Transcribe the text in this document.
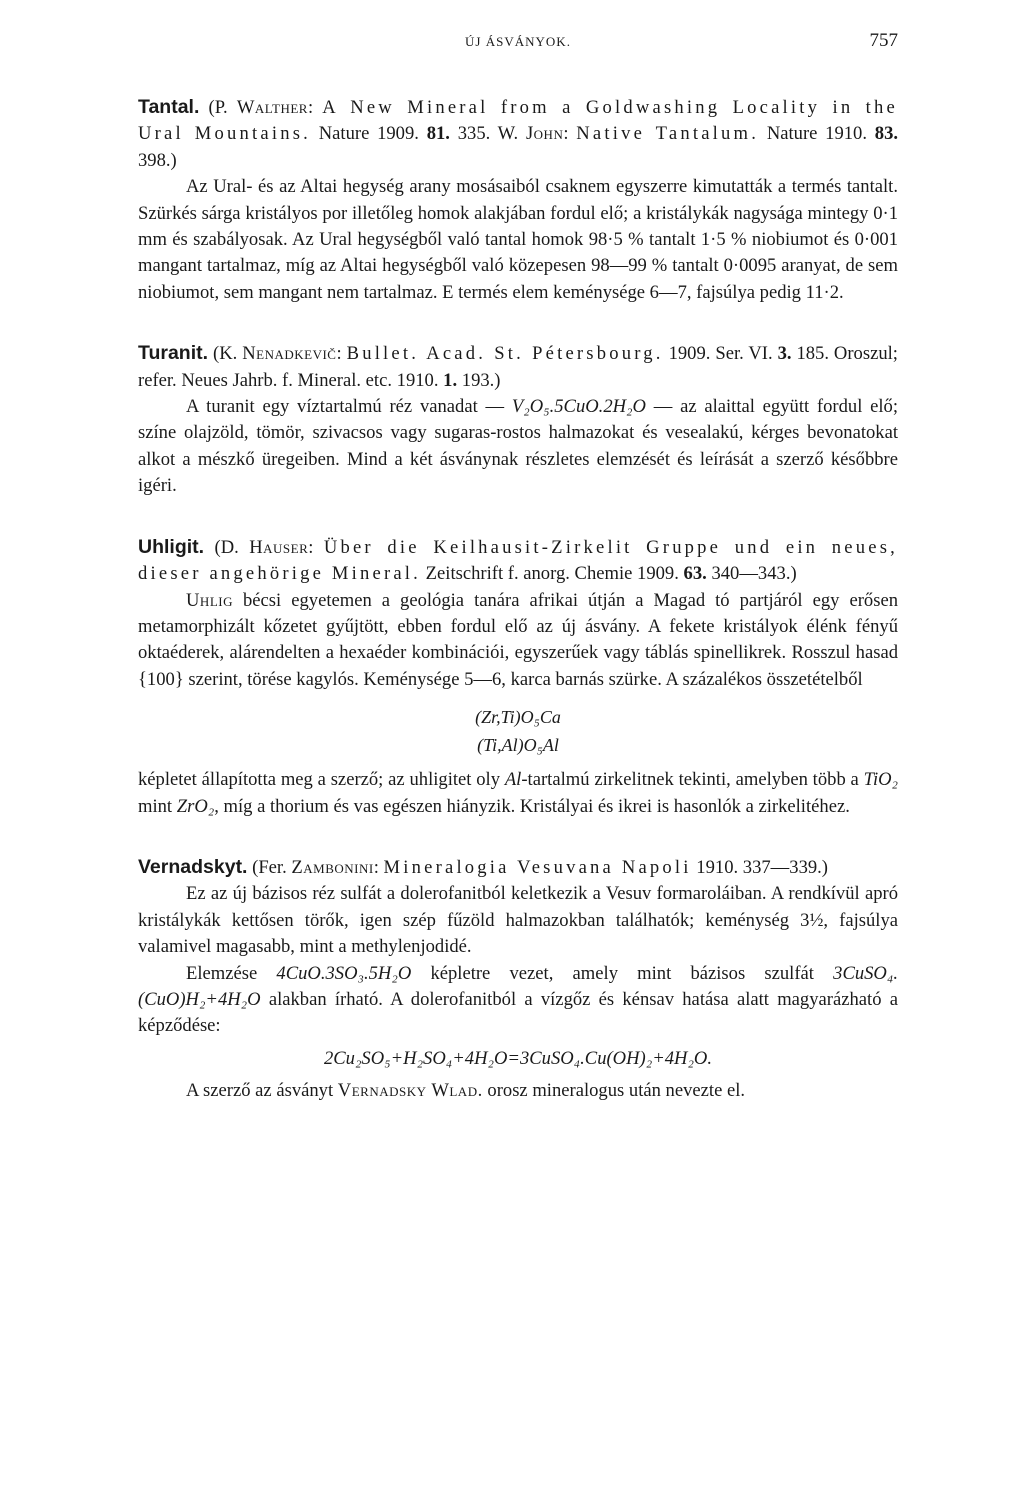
ÚJ ÁSVÁNYOK.	757

Tantal. (P. Walther: A New Mineral from a Goldwashing Locality in the Ural Mountains. Nature 1909. 81. 335. W. John: Native Tantalum. Nature 1910. 83. 398.)

Az Ural- és az Altai hegység arany mosásaiból csaknem egyszerre kimutatták a termés tantalt. Szürkés sárga kristályos por illetőleg homok alakjában fordul elő; a kristálykák nagysága mintegy 0·1 mm és szabályosak. Az Ural hegységből való tantal homok 98·5 % tantalt 1·5 % niobiumot és 0·001 mangant tartalmaz, míg az Altai hegységből való közepesen 98—99 % tantalt 0·0095 aranyat, de sem niobiumot, sem mangant nem tartalmaz. E termés elem keménysége 6—7, fajsúlya pedig 11·2.

Turanit. (K. Nenadkevič: Bullet. Acad. St. Pétersbourg. 1909. Ser. VI. 3. 185. Oroszul; refer. Neues Jahrb. f. Mineral. etc. 1910. 1. 193.)

A turanit egy víztartalmú réz vanadat — V₂O₅.5CuO.2H₂O — az alaittal együtt fordul elő; színe olajzöld, tömör, szivacsos vagy sugaras-rostos halmazokat és vesealakú, kérges bevonatokat alkot a mészkő üregeiben. Mind a két ásványnak részletes elemzését és leírását a szerző későbbre igéri.

Uhligit. (D. Hauser: Über die Keilhausit-Zirkelit Gruppe und ein neues, dieser angehörige Mineral. Zeitschrift f. anorg. Chemie 1909. 63. 340—343.)

Uhlig bécsi egyetemen a geológia tanára afrikai útján a Magad tó partjáról egy erősen metamorphizált kőzetet gyűjtött, ebben fordul elő az új ásvány. A fekete kristályok élénk fényű oktaéderek, alárendelten a hexaéder kombinációi, egyszerűek vagy táblás spinellikrek. Rosszul hasad {100} szerint, törése kagylós. Keménysége 5—6, karca barnás szürke. A százalékos összetételből

(Zr,Ti)O₅Ca
(Ti,Al)O₅Al

képletet állapította meg a szerző; az uhligitet oly Al-tartalmú zirkelitnek tekinti, amelyben több a TiO₂ mint ZrO₂, míg a thorium és vas egészen hiányzik. Kristályai és ikrei is hasonlók a zirkelitéhez.

Vernadskyt. (Fer. Zambonini: Mineralogia Vesuvana Napoli 1910. 337—339.)

Ez az új bázisos réz sulfát a dolerofanitból keletkezik a Vesuv formaroláiban. A rendkívül apró kristálykák kettősen törők, igen szép fűzöld halmazokban találhatók; keménység 3½, fajsúlya valamivel magasabb, mint a methylenjodidé.

Elemzése 4CuO.3SO₃.5H₂O képletre vezet, amely mint bázisos szulfát 3CuSO₄.(CuO)H₂+4H₂O alakban írható. A dolerofanitból a vízgőz és kénsav hatása alatt magyarázható a képződése:

2Cu₂SO₅+H₂SO₄+4H₂O=3CuSO₄.Cu(OH)₂+4H₂O.

A szerző az ásványt Vernadsky Wlad. orosz mineralogus után nevezte el.
